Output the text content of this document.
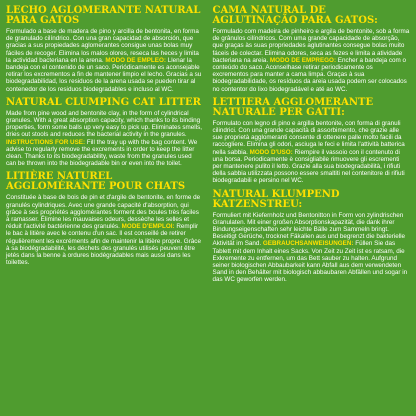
LECHO AGLOMERANTE NATURAL PARA GATOS

Formulado a base de madera de pino y arcilla de bentonita, en forma de granulado cilíndrico. Con una gran capacidad de absorción, que gracias a sus propiedades aglomerantes consigue unas bolas muy fáciles de recoger. Elimina los malos olores, reseca las heces y limita la actividad bacteriana en la arena. MODO DE EMPLEO: Llenar la bandeja con el contenido de un saco. Periódicamente es aconsejable retirar los excrementos a fin de mantener limpio el lecho. Gracias a su biodegradabilidad, los residuos de la arena usada se pueden tirar al contenedor de los residuos biodegradables e incluso al WC.

NATURAL CLUMPING CAT LITTER

Made from pine wood and bentonite clay, in the form of cylindrical granules. With a great absorption capacity, which thanks to its binding properties, form some balls up very easy to pick up. Eliminates smells, dries out stools and reduces the bacterial activity in the granules. INSTRUCTIONS FOR USE: Fill the tray up with the bag content. We advise to regularly remove the excrements in order to keep the litter clean. Thanks to its biodegradability, waste from the granules used can be thrown into the biodegradable bin or even into the toilet.

LITIÈRE NATUREL AGGLOMÉRANTE POUR CHATS

Constituée à base de bois de pin et d'argile de bentonite, en forme de granulés cylindriques. Avec une grande capacité d'absorption, qui grâce à ses propriétés agglomérantes forment des boules très faciles à ramasser. Élimine les mauvaises odeurs, dessèche les selles et réduit l'activité bactérienne des granulés. MODE D'EMPLOI: Remplir le bac à litière avec le contenu d'un sac. Il est conseillé de retirer régulièrement les excréments afin de maintenir la litière propre. Grâce à sa biodégradabilité, les déchets des granulés utilisés peuvent être jetés dans la benne à ordures biodégradables mais aussi dans les toilettes.

CAMA NATURAL DE AGLUTINAÇÃO PARA GATOS:

Formulado com madeira de pinheiro e argila de bentonite, sob a forma de grânulos cilíndricos. Com uma grande capacidade de absorção, que graças às suas propriedades aglutinantes consegue bolas muito fáceis de colectar. Elimina odores, seca as fezes e limita a atividade bacteriana na areia. MODO DE EMPREGO: Encher a bandeja com o conteúdo do saco. Aconselhase retirar periodicamente os excrementos para manter a cama limpa. Graças à sua biodegradabilidade, os resíduos da areia usada podem ser colocados no contentor do lixo biodegradável e até ao WC.

LETTIERA AGGLOMERANTE NATURALE PER GATTI:

Formulato con legno di pino e argilla bentonite, con forma di granuli cilindrici. Con una grande capacità di assorbimento, che grazie alle sue proprietà agglomeranti consente di ottenere palle molto facili da raccogliere. Elimina gli odori, asciuga le feci e limita l'attività batterica nella sabbia. MODO D'USO: Riempire il vassoio con il contenuto di una borsa. Periodicamente è consigliabile rimuovere gli escrementi per mantenere pulito il letto. Grazie alla sua biodegradabilità, i rifiuti della sabbia utilizzata possono essere smaltiti nel contenitore di rifiuti biodegradabili e persino nel WC.

NATURAL KLUMPEND KATZENSTREU:

Formuliert mit Kiefernholz und Bentonitton in Form von zylindrischen Granulaten. Mit einer großen Absorptionskapazität, die dank ihrer Bindungseigenschaften sehr leichte Bälle zum Sammeln bringt. Beseitigt Gerüche, trocknet Fäkalien aus und begrenzt die bakterielle Aktivität im Sand. GEBRAUCHSANWEISUNGEN: Füllen Sie das Tablett mit dem Inhalt eines Sacks. Von Zeit zu Zeit ist es ratsam, die Exkremente zu entfernen, um das Bett sauber zu halten. Aufgrund seiner biologischen Abbaubarkeit kann Abfall aus dem verwendeten Sand in den Behälter mit biologisch abbaubaren Abfällen und sogar in das WC geworfen werden.
